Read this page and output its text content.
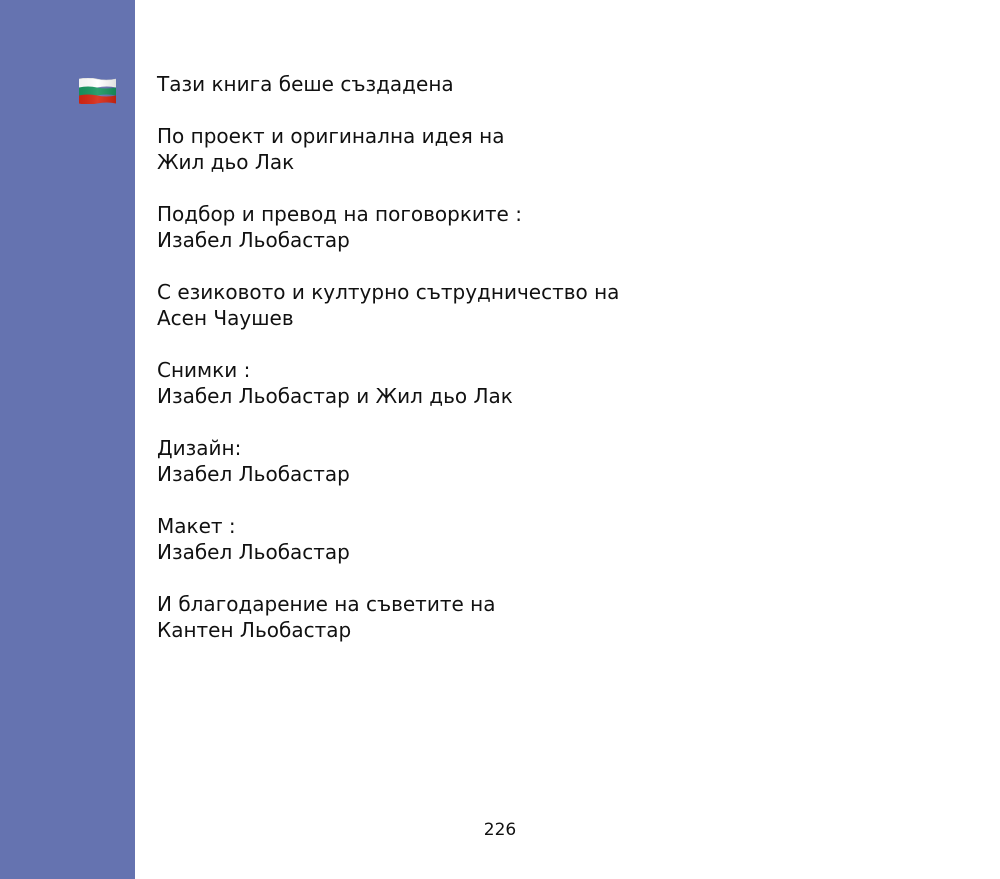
Тази книга беше създадена
По проект и оригинална идея на
Жил дьо Лак
Подбор и превод на поговорките :
Изабел Льобастар
С езиковото и културно сътрудничество на
Асен Чаушев
Снимки :
Изабел Льобастар и Жил дьо Лак
Дизайн:
Изабел Льобастар
Макет :
Изабел Льобастар
И благодарение на съветите на
Кантен Льобастар
226
